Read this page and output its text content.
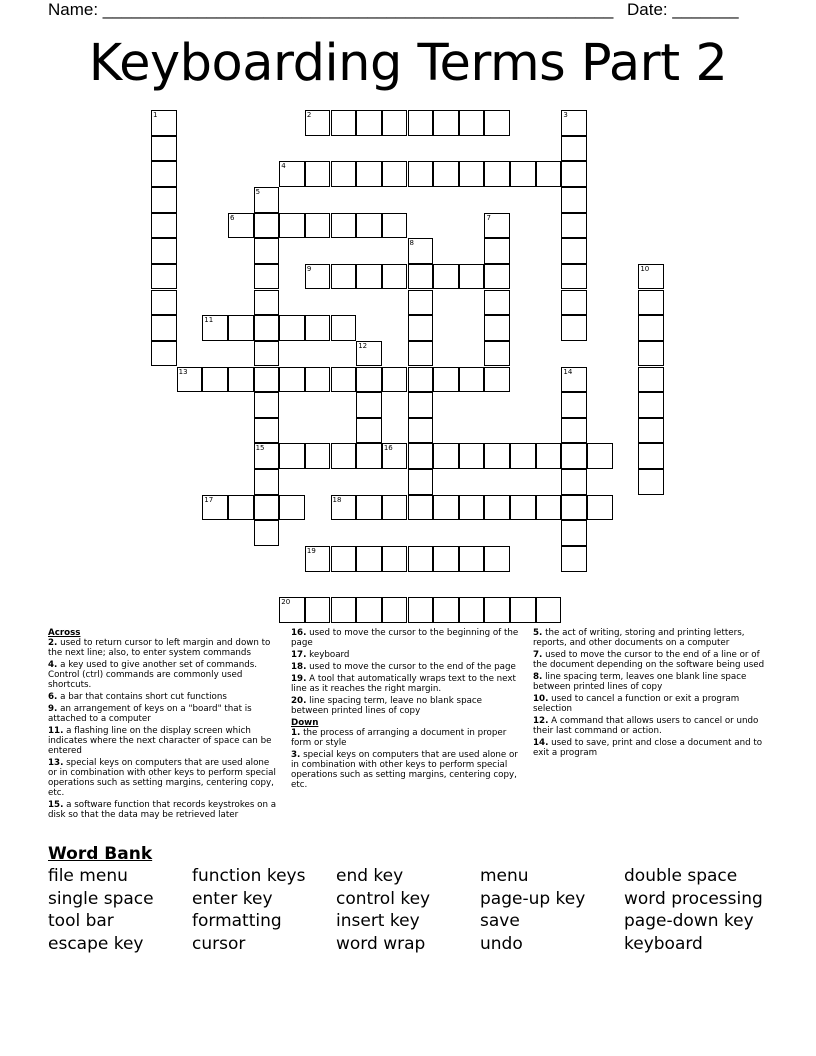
Name: ______________________________________________________ Date: _______
Keyboarding Terms Part 2
1	2	3
4
5
15
6	7
8
9	10
11
12
13	14
16
17	18
19
20
Across
2. used to return cursor to left margin and down to the next line; also, to enter system commands
4. a key used to give another set of commands. Control (ctrl) commands are commonly used shortcuts.
6. a bar that contains short cut functions
9. an arrangement of keys on a "board" that is attached to a computer
11. a flashing line on the display screen which indicates where the next character of space can be entered
13. special keys on computers that are used alone or in combination with other keys to perform special operations such as setting margins, centering copy, etc.
15. a software function that records keystrokes on a disk so that the data may be retrieved later
16. used to move the cursor to the beginning of the page
17. keyboard
18. used to move the cursor to the end of the page
19. A tool that automatically wraps text to the next line as it reaches the right margin.
20. line spacing term, leave no blank space between printed lines of copy
Down
1. the process of arranging a document in proper form or style
3. special keys on computers that are used alone or in combination with other keys to perform special operations such as setting margins, centering copy, etc.
5. the act of writing, storing and printing letters, reports, and other documents on a computer
7. used to move the cursor to the end of a line or of the document depending on the software being used
8. line spacing term, leaves one blank line space between printed lines of copy
10. used to cancel a function or exit a program selection
12. A command that allows users to cancel or undo their last command or action.
14. used to save, print and close a document and to exit a program
Word Bank
file menu
single space
tool bar
escape key
function keys
enter key
formatting
cursor
end key
control key
insert key
word wrap
menu
page-up key
save
undo
double space
word processing
page-down key
keyboard
